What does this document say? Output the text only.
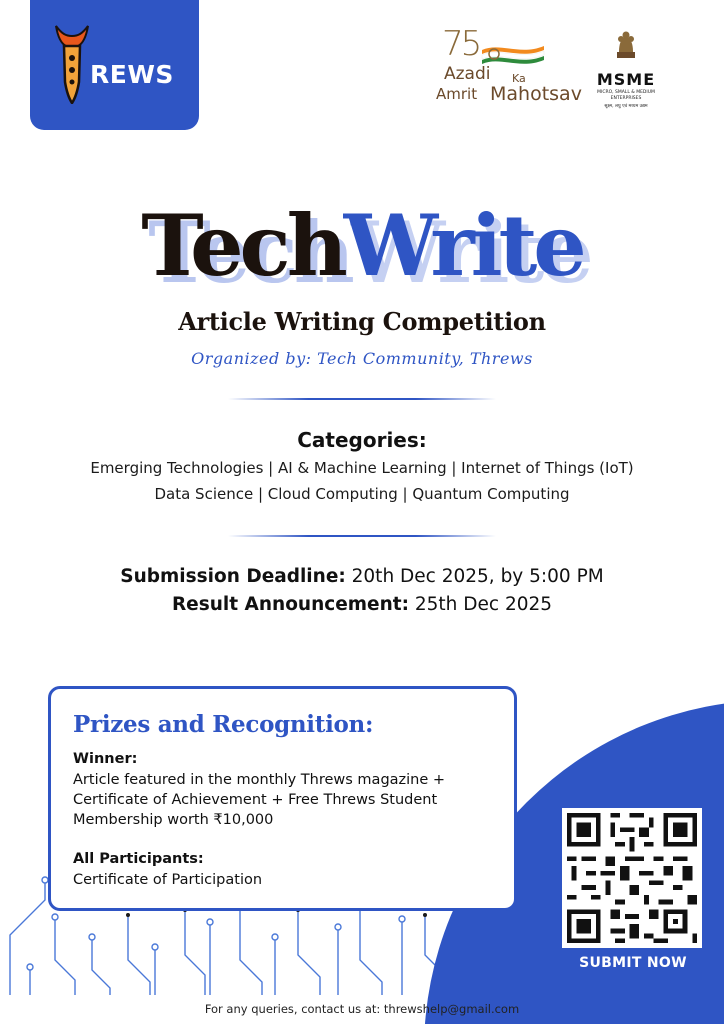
REWS
75
Azadi Ka
Amrit Mahotsav
MSME
MICRO, SMALL & MEDIUM ENTERPRISES
सूक्ष्म, लघु एवं मध्यम उद्यम
TechWrite
Article Writing Competition
Organized by: Tech Community, Threws
Categories:
Emerging Technologies | AI & Machine Learning | Internet of Things (IoT)
Data Science | Cloud Computing | Quantum Computing
Submission Deadline: 20th Dec 2025, by 5:00 PM
Result Announcement: 25th Dec 2025
Prizes and Recognition:
Winner:
Article featured in the monthly Threws magazine + Certificate of Achievement + Free Threws Student Membership worth ₹10,000
All Participants:
Certificate of Participation
SUBMIT NOW
For any queries, contact us at: threwshelp@gmail.com
